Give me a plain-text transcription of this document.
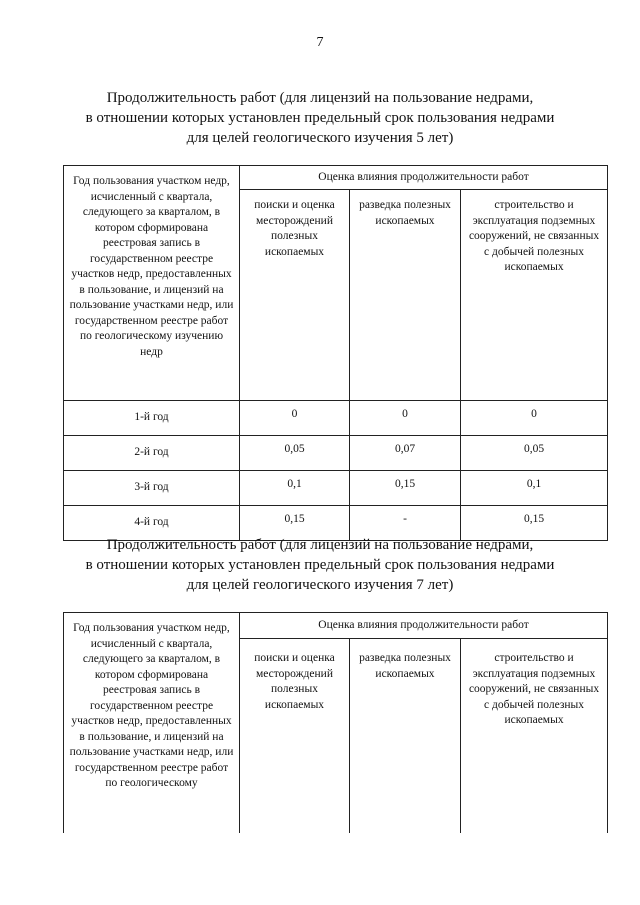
7
Продолжительность работ (для лицензий на пользование недрами,
в отношении которых установлен предельный срок пользования недрами
для целей геологического изучения 5 лет)
Год пользования участком недр, исчисленный с квартала, следующего за кварталом, в котором сформирована реестровая запись в государственном реестре участков недр, предоставленных в пользование, и лицензий на пользование участками недр, или государственном реестре работ по геологическому изучению недр	Оценка влияния продолжительности работ		
	поиски и оценка месторождений полезных ископаемых	разведка полезных ископаемых	строительство и эксплуатация подземных сооружений, не связанных с добычей полезных ископаемых
1-й год	0	0	0
2-й год	0,05	0,07	0,05
3-й год	0,1	0,15	0,1
4-й год	0,15	-	0,15
Продолжительность работ (для лицензий на пользование недрами,
в отношении которых установлен предельный срок пользования недрами
для целей геологического изучения 7 лет)
Год пользования участком недр, исчисленный с квартала, следующего за кварталом, в котором сформирована реестровая запись в государственном реестре участков недр, предоставленных в пользование, и лицензий на пользование участками недр, или государственном реестре работ по геологическому	Оценка влияния продолжительности работ		
	поиски и оценка месторождений полезных ископаемых	разведка полезных ископаемых	строительство и эксплуатация подземных сооружений, не связанных с добычей полезных ископаемых
